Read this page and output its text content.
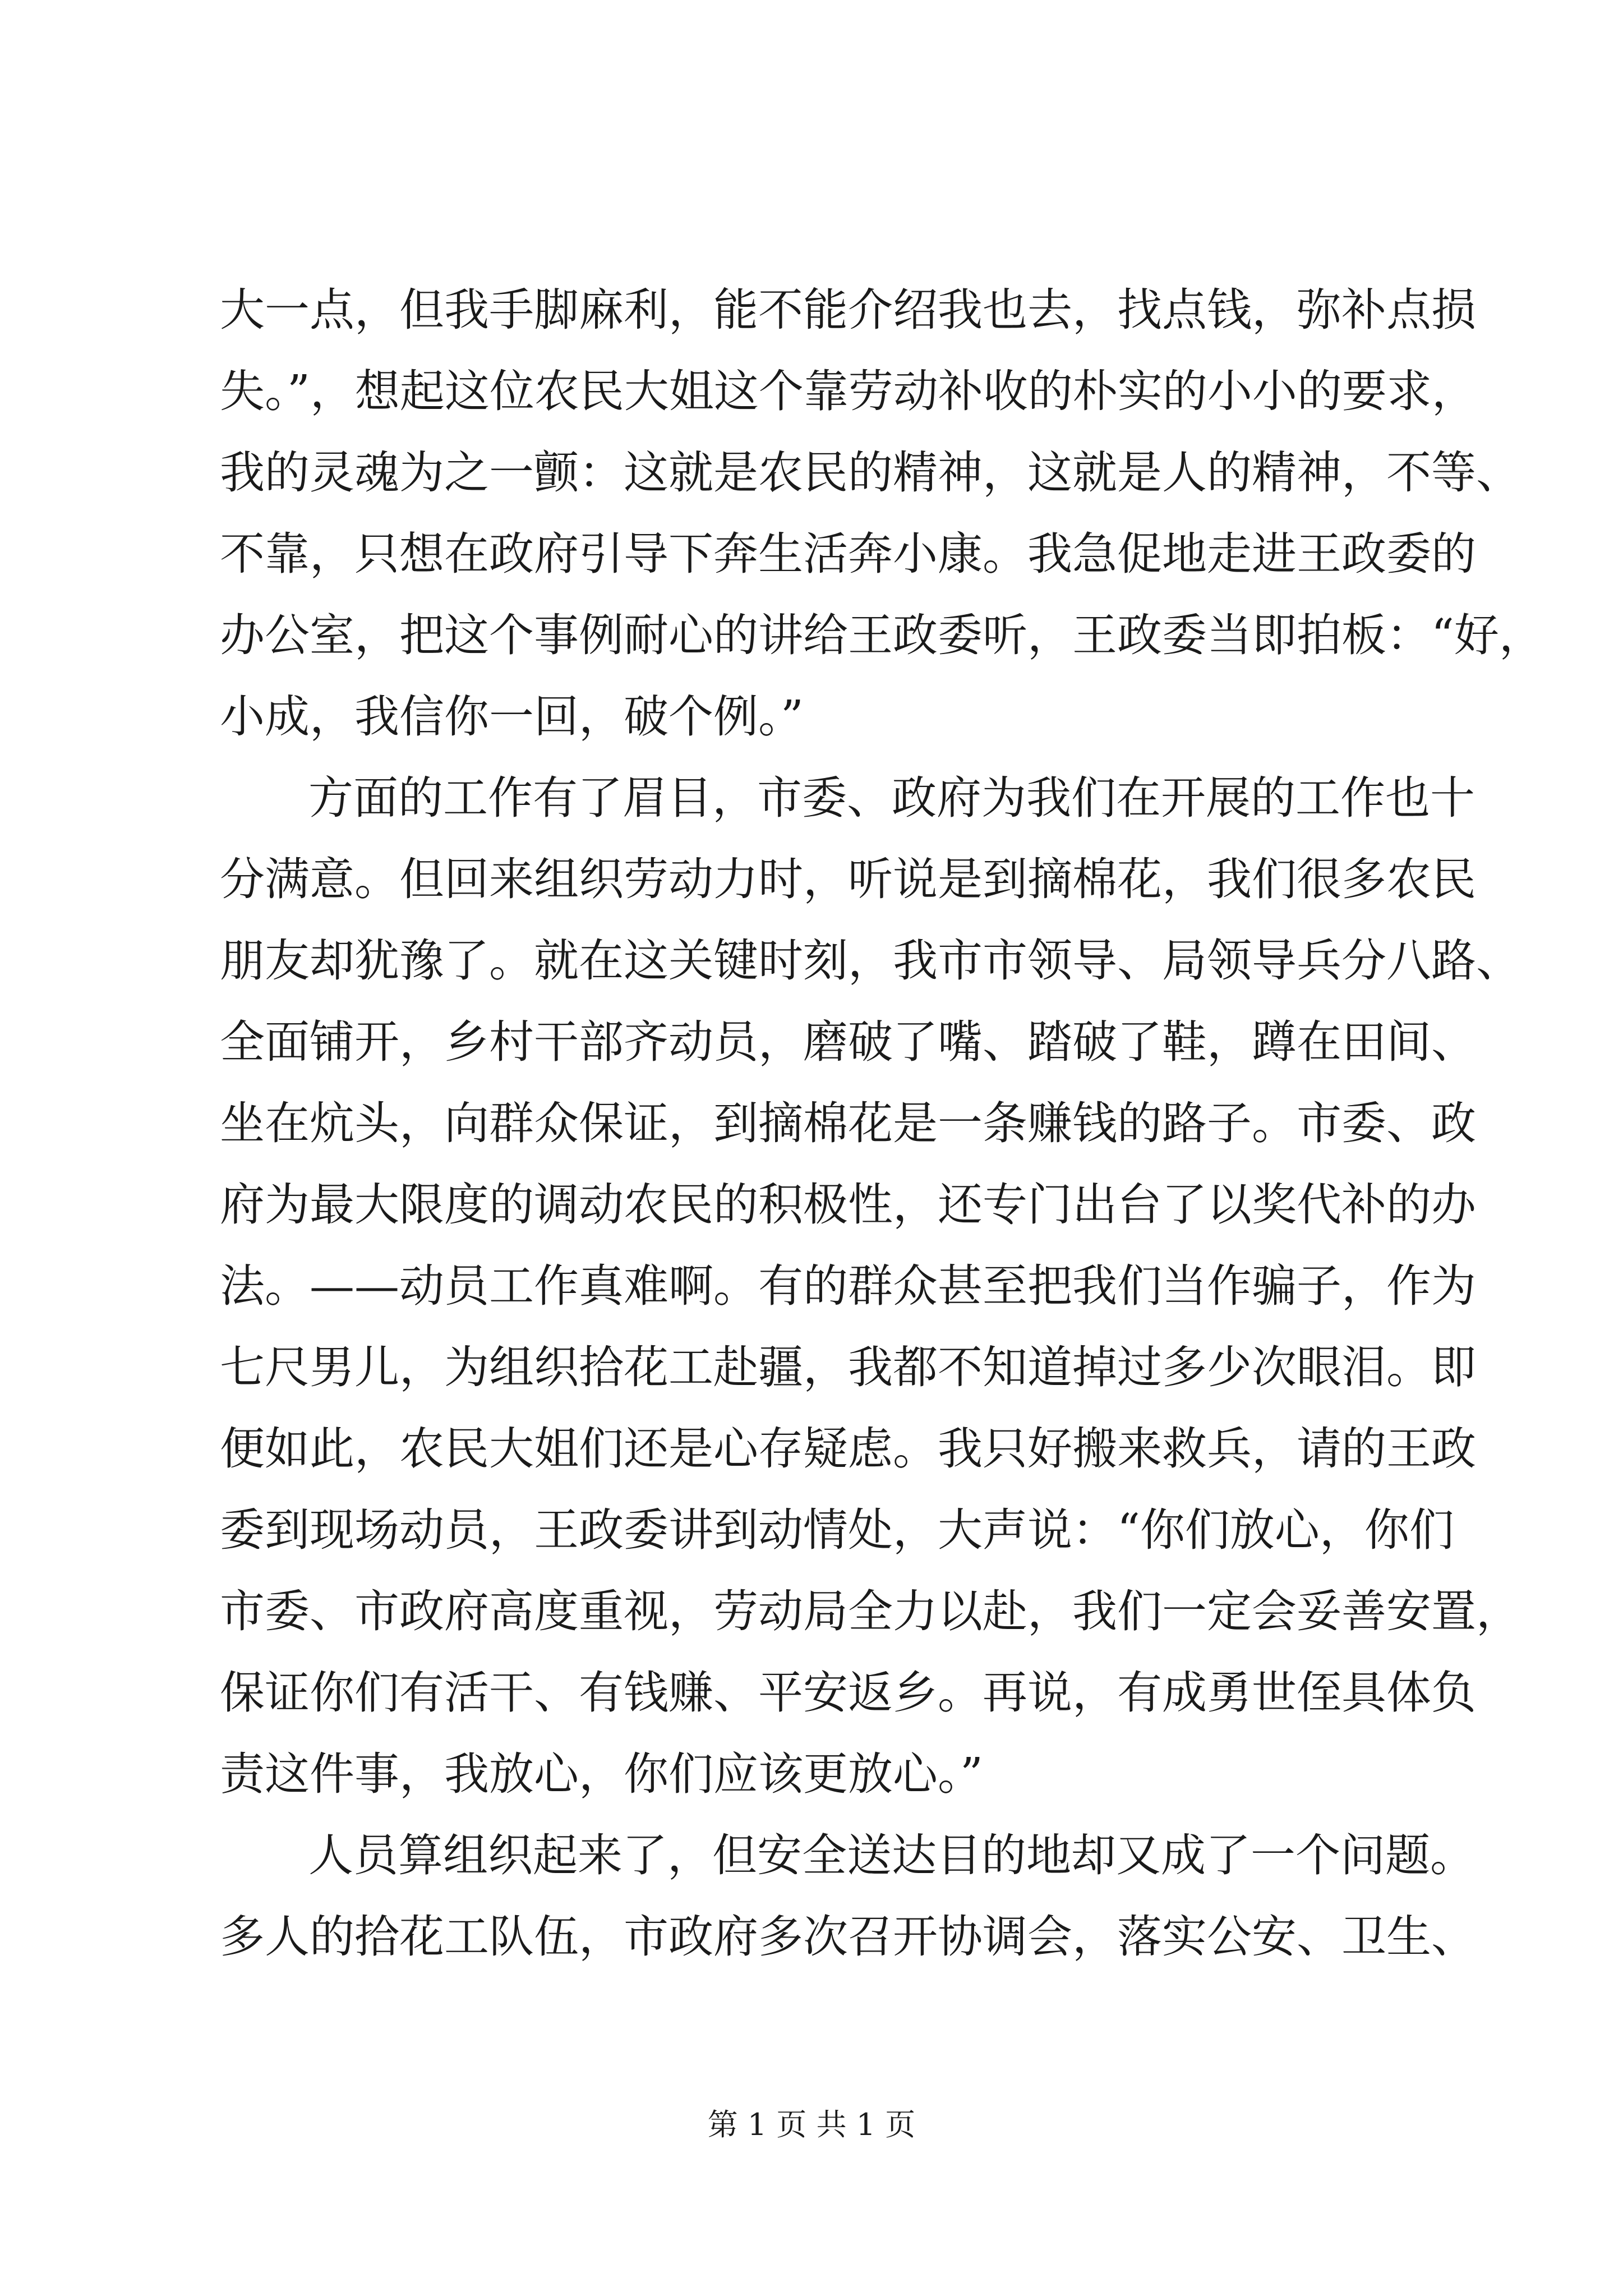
大一点，但我手脚麻利，能不能介绍我也去，找点钱，弥补点损
失。”，想起这位农民大姐这个靠劳动补收的朴实的小小的要求，
我的灵魂为之一颤：这就是农民的精神，这就是人的精神，不等、
不靠，只想在政府引导下奔生活奔小康。我急促地走进王政委的
办公室，把这个事例耐心的讲给王政委听，王政委当即拍板：“好，
小成，我信你一回，破个例。”
方面的工作有了眉目，市委、政府为我们在开展的工作也十
分满意。但回来组织劳动力时，听说是到摘棉花，我们很多农民
朋友却犹豫了。就在这关键时刻，我市市领导、局领导兵分八路、
全面铺开，乡村干部齐动员，磨破了嘴、踏破了鞋，蹲在田间、
坐在炕头，向群众保证，到摘棉花是一条赚钱的路子。市委、政
府为最大限度的调动农民的积极性，还专门出台了以奖代补的办
法。——动员工作真难啊。有的群众甚至把我们当作骗子，作为
七尺男儿，为组织拾花工赴疆，我都不知道掉过多少次眼泪。即
便如此，农民大姐们还是心存疑虑。我只好搬来救兵，请的王政
委到现场动员，王政委讲到动情处，大声说：“你们放心，你们
市委、市政府高度重视，劳动局全力以赴，我们一定会妥善安置，
保证你们有活干、有钱赚、平安返乡。再说，有成勇世侄具体负
责这件事，我放心，你们应该更放心。”
人员算组织起来了，但安全送达目的地却又成了一个问题。
多人的拾花工队伍，市政府多次召开协调会，落实公安、卫生、
第 1 页 共 1 页
